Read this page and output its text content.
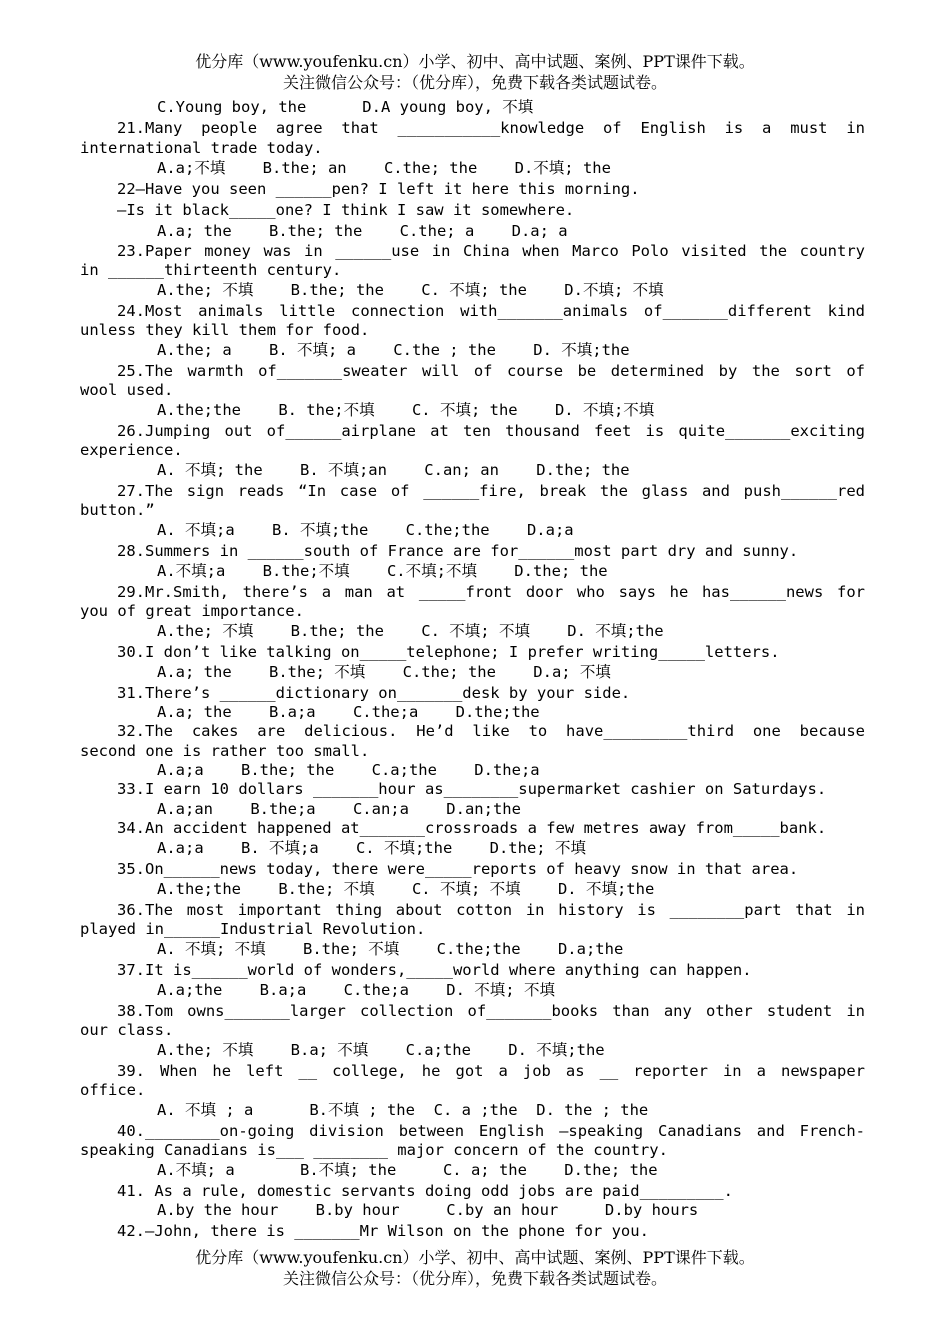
优分库（www.youfenku.cn）小学、初中、高中试题、案例、PPT课件下载。
关注微信公众号：（优分库），免费下载各类试题试卷。
C.Young boy, the      D.A young boy, 不填
21.Many people agree that ___________knowledge of English is a must in
international trade today.
A.a;不填    B.the; an    C.the; the    D.不填; the
22—Have you seen ______pen? I left it here this morning.
—Is it black_____one? I think I saw it somewhere.
A.a; the    B.the; the    C.the; a    D.a; a
23.Paper money was in ______use in China when Marco Polo visited the country
in ______thirteenth century.
A.the; 不填    B.the; the    C. 不填; the    D.不填; 不填
24.Most animals little connection with_______animals of_______different kind
unless they kill them for food.
A.the; a    B. 不填; a    C.the ; the    D. 不填;the
25.The warmth of_______sweater will of course be determined by the sort of
wool used.
A.the;the    B. the;不填    C. 不填; the    D. 不填;不填
26.Jumping out of______airplane at ten thousand feet is quite_______exciting
experience.
A. 不填; the    B. 不填;an    C.an; an    D.the; the
27.The sign reads “In case of ______fire, break the glass and push______red
button.”
A. 不填;a    B. 不填;the    C.the;the    D.a;a
28.Summers in ______south of France are for______most part dry and sunny.
A.不填;a    B.the;不填    C.不填;不填    D.the; the
29.Mr.Smith, there’s a man at _____front door who says he has______news for
you of great importance.
A.the; 不填    B.the; the    C. 不填; 不填    D. 不填;the
30.I don’t like talking on_____telephone; I prefer writing_____letters.
A.a; the    B.the; 不填    C.the; the    D.a; 不填
31.There’s ______dictionary on_______desk by your side.
A.a; the    B.a;a    C.the;a    D.the;the
32.The cakes are delicious. He’d like to have_________third one because
second one is rather too small.
A.a;a    B.the; the    C.a;the    D.the;a
33.I earn 10 dollars _______hour as________supermarket cashier on Saturdays.
A.a;an    B.the;a    C.an;a    D.an;the
34.An accident happened at_______crossroads a few metres away from_____bank.
A.a;a    B. 不填;a    C. 不填;the    D.the; 不填
35.On______news today, there were_____reports of heavy snow in that area.
A.the;the    B.the; 不填    C. 不填; 不填    D. 不填;the
36.The most important thing about cotton in history is ________part that in
played in______Industrial Revolution.
A. 不填; 不填    B.the; 不填    C.the;the    D.a;the
37.It is______world of wonders,_____world where anything can happen.
A.a;the    B.a;a    C.the;a    D. 不填; 不填
38.Tom owns_______larger collection of_______books than any other student in
our class.
A.the; 不填    B.a; 不填    C.a;the    D. 不填;the
39. When he left __ college, he got a job as __ reporter in a newspaper
office.
A. 不填 ; a      B.不填 ; the  C. a ;the  D. the ; the
40.________on-going division between English –speaking Canadians and French-
speaking Canadians is___ ________ major concern of the country.
A.不填; a       B.不填; the     C. a; the    D.the; the
41. As a rule, domestic servants doing odd jobs are paid_________.
A.by the hour    B.by hour     C.by an hour     D.by hours
42.—John, there is _______Mr Wilson on the phone for you.
优分库（www.youfenku.cn）小学、初中、高中试题、案例、PPT课件下载。
关注微信公众号：（优分库），免费下载各类试题试卷。
